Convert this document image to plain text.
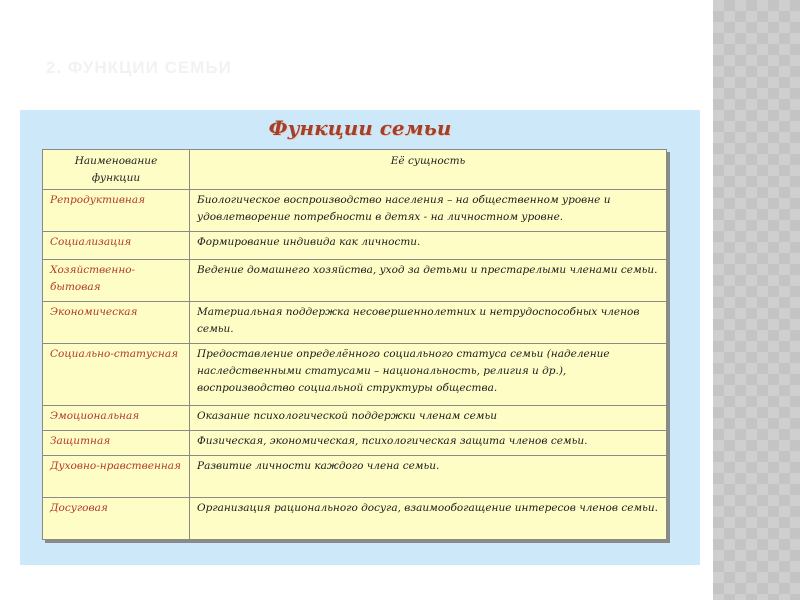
2. ФУНКЦИИ СЕМЬИ
Функции семьи
Наименование функции	Её сущность
Репродуктивная	Биологическое воспроизводство населения – на общественном уровне и удовлетворение потребности в детях - на личностном уровне.
Социализация	Формирование индивида как личности.
Хозяйственно-бытовая	Ведение домашнего хозяйства, уход за детьми и престарелыми членами семьи.
Экономическая	Материальная поддержка несовершеннолетних и нетрудоспособных членов семьи.
Социально-статусная	Предоставление определённого социального статуса семьи (наделение наследственными статусами – национальность, религия и др.), воспроизводство социальной структуры общества.
Эмоциональная	Оказание психологической поддержки членам семьи
Защитная	Физическая, экономическая, психологическая защита членов семьи.
Духовно-нравственная	Развитие личности каждого члена семьи.
Досуговая	Организация рационального досуга, взаимообогащение интересов членов семьи.
